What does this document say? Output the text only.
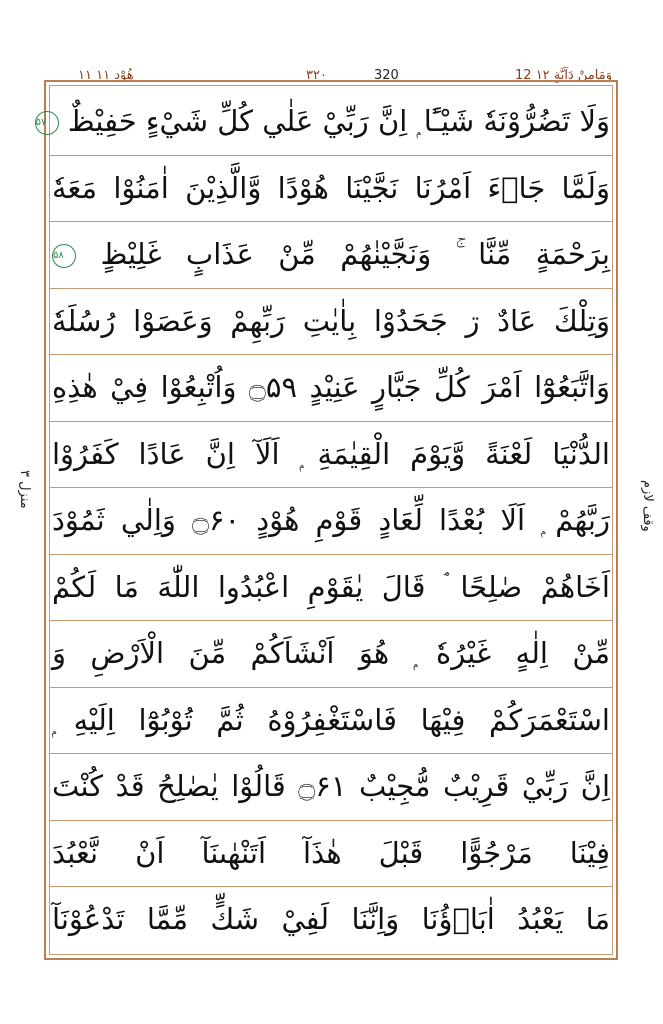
۱۱ هُوْد ۱۱	۳۲۰	320	12 وَمَامِنْ دَآبَّةٍ ۱۲
منزل ۳	وقف لازم
وَلَا تَضُرُّوْنَهٗ شَيْـًٔا ۭ اِنَّ رَبِّيْ عَلٰي كُلِّ شَيْءٍ حَفِيْظٌ ۵۷
وَلَمَّا جَاۗءَ اَمْرُنَا نَجَّيْنَا هُوْدًا وَّالَّذِيْنَ اٰمَنُوْا مَعَهٗ
بِرَحْمَةٍ مِّنَّا ۚ وَنَجَّيْنٰهُمْ مِّنْ عَذَابٍ غَلِيْظٍ ۵۸
وَتِلْكَ عَادٌ ڗ جَحَدُوْا بِاٰيٰتِ رَبِّهِمْ وَعَصَوْا رُسُلَهٗ
وَاتَّبَعُوْٓا اَمْرَ كُلِّ جَبَّارٍ عَنِيْدٍ ۝۵۹ وَاُتْبِعُوْا فِيْ هٰذِهِ
الدُّنْيَا لَعْنَةً وَّيَوْمَ الْقِيٰمَةِ ۭ اَلَآ اِنَّ عَادًا كَفَرُوْا
رَبَّهُمْ ۭ اَلَا بُعْدًا لِّعَادٍ قَوْمِ هُوْدٍ ۝۶۰ وَاِلٰي ثَمُوْدَ
اَخَاهُمْ صٰلِحًا ۘ قَالَ يٰقَوْمِ اعْبُدُوا اللّٰهَ مَا لَكُمْ
مِّنْ اِلٰهٍ غَيْرُهٗ ۭ هُوَ اَنْشَاَكُمْ مِّنَ الْاَرْضِ وَ
اسْتَعْمَرَكُمْ فِيْهَا فَاسْتَغْفِرُوْهُ ثُمَّ تُوْبُوْٓا اِلَيْهِ ۭ
اِنَّ رَبِّيْ قَرِيْبٌ مُّجِيْبٌ ۝۶۱ قَالُوْا يٰصٰلِحُ قَدْ كُنْتَ
فِيْنَا مَرْجُوًّا قَبْلَ هٰذَآ اَتَنْهٰىنَآ اَنْ نَّعْبُدَ
مَا يَعْبُدُ اٰبَاۗؤُنَا وَاِنَّنَا لَفِيْ شَكٍّ مِّمَّا تَدْعُوْنَآ
